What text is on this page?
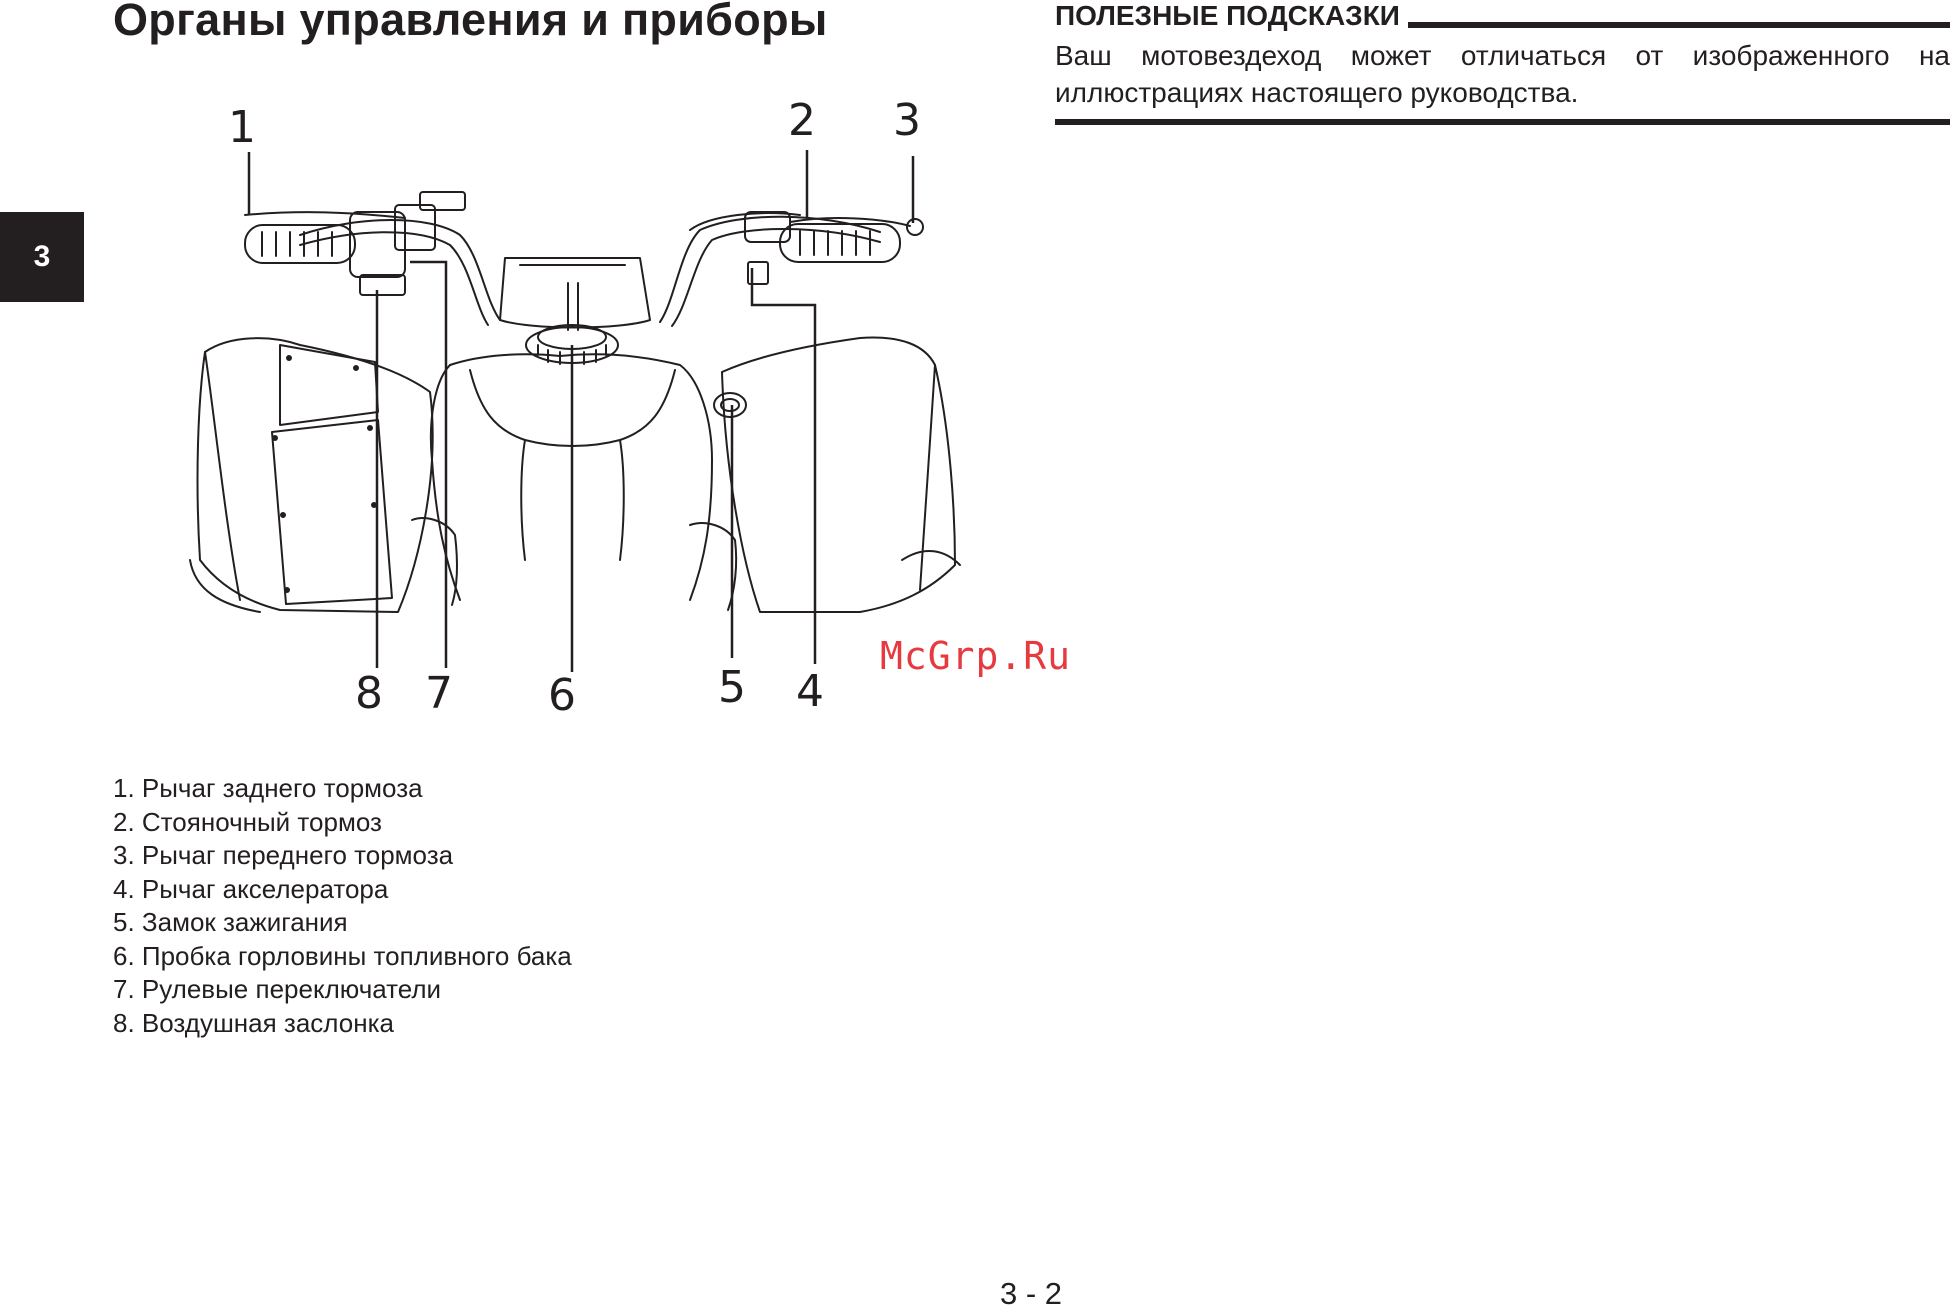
3
Органы управления и приборы	ПОЛЕЗНЫЕ ПОДСКАЗКИ
Ваш мотовездеход может отличаться от изображенного на иллюстрациях настоящего руководства.
1	2 3
4
5
6
7
8
McGrp.Ru
1. Рычаг заднего тормоза
2. Стояночный тормоз
3. Рычаг переднего тормоза
4. Рычаг акселератора
5. Замок зажигания
6. Пробка горловины топливного бака
7. Рулевые переключатели
8. Воздушная заслонка
3 - 2
